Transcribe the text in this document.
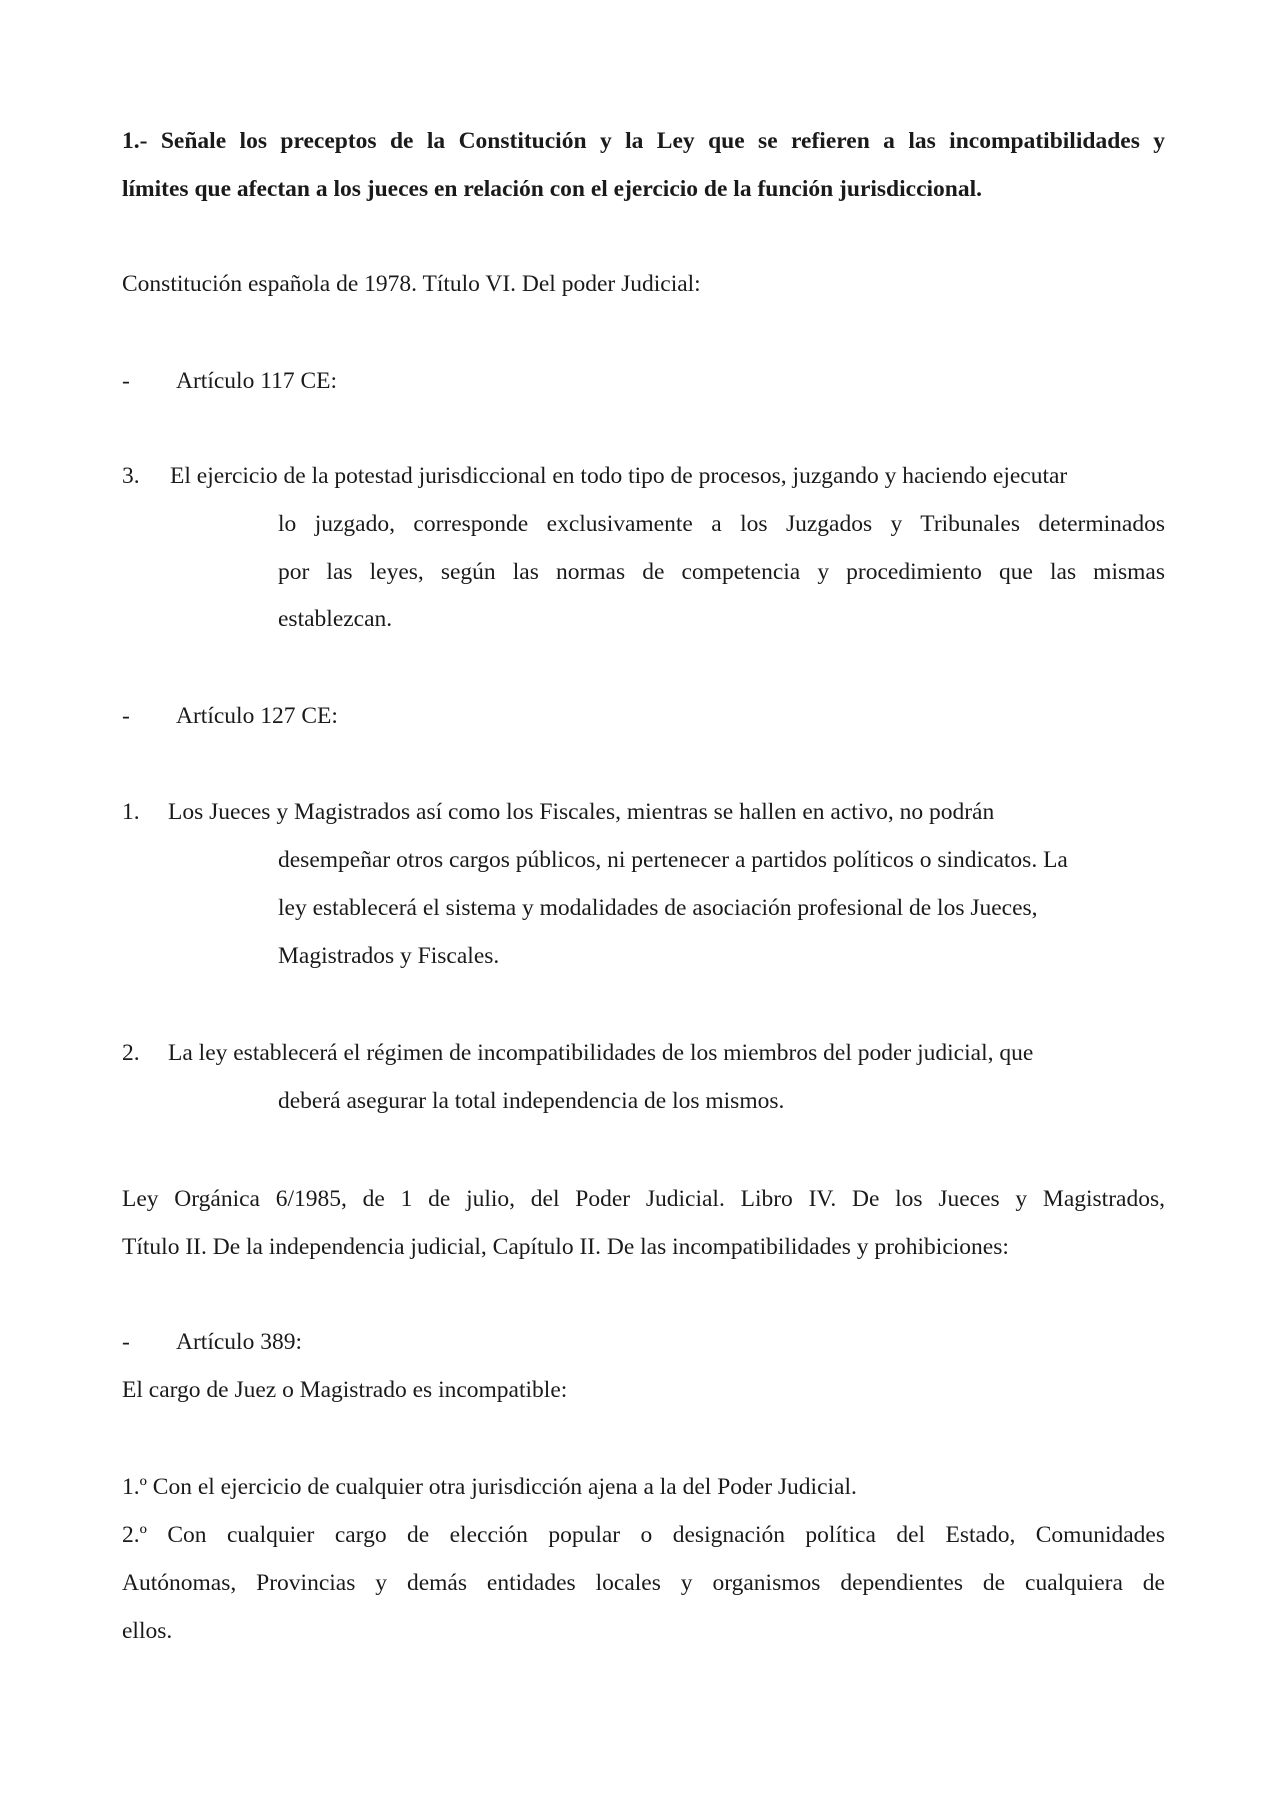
1.- Señale los preceptos de la Constitución y la Ley que se refieren a las incompatibilidades y
límites que afectan a los jueces en relación con el ejercicio de la función jurisdiccional.
Constitución española de 1978. Título VI. Del poder Judicial:
- Artículo 117 CE:
3. El ejercicio de la potestad jurisdiccional en todo tipo de procesos, juzgando y haciendo ejecutar
lo juzgado, corresponde exclusivamente a los Juzgados y Tribunales determinados
por las leyes, según las normas de competencia y procedimiento que las mismas
establezcan.
- Artículo 127 CE:
1. Los Jueces y Magistrados así como los Fiscales, mientras se hallen en activo, no podrán
desempeñar otros cargos públicos, ni pertenecer a partidos políticos o sindicatos. La
ley establecerá el sistema y modalidades de asociación profesional de los Jueces,
Magistrados y Fiscales.
2. La ley establecerá el régimen de incompatibilidades de los miembros del poder judicial, que
deberá asegurar la total independencia de los mismos.
Ley Orgánica 6/1985, de 1 de julio, del Poder Judicial. Libro IV. De los Jueces y Magistrados,
Título II. De la independencia judicial, Capítulo II. De las incompatibilidades y prohibiciones:
- Artículo 389:
El cargo de Juez o Magistrado es incompatible:
1.º Con el ejercicio de cualquier otra jurisdicción ajena a la del Poder Judicial.
2.º Con cualquier cargo de elección popular o designación política del Estado, Comunidades
Autónomas, Provincias y demás entidades locales y organismos dependientes de cualquiera de
ellos.
